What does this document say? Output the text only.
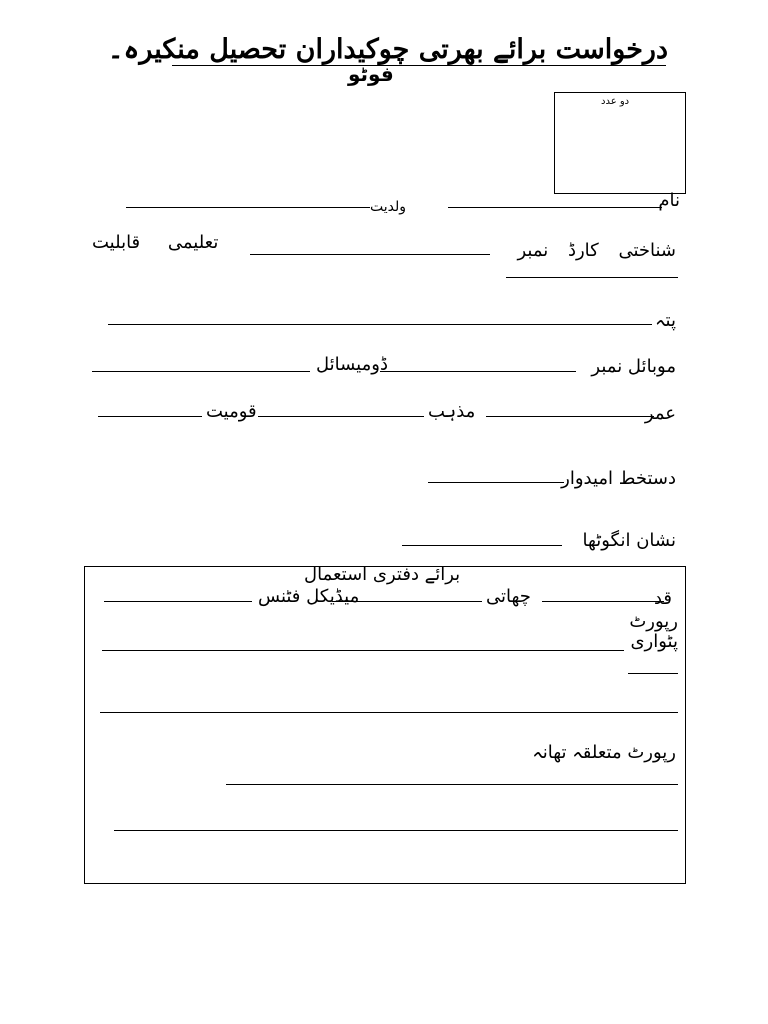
درخواست برائے بھرتی چوکیداران تحصیل منکیرہ۔
فوٹو
دو عدد
نام
ولدیت
شناختی کارڈ نمبر
تعلیمی قابلیت
پتہ
موبائل نمبر
ڈومیسائل
عمر
مذہب
قومیت
دستخط امیدوار
نشان انگوٹھا
برائے دفتری استعمال
قد
چھاتی
میڈیکل فٹنس
رپورٹ پٹواری
رپورٹ متعلقہ تھانہ
